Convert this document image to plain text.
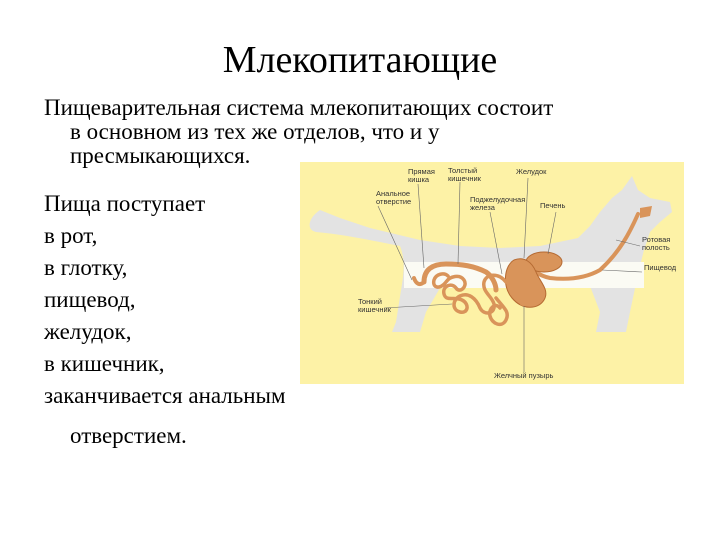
Млекопитающие
Пищеварительная система млекопитающих состоит
в основном из тех же отделов, что и у
пресмыкающихся.
Пища поступает
в рот,
в глотку,
пищевод,
желудок,
в кишечник,
заканчивается анальным
отверстием.
Прямая
кишка
Толстый
кишечник
Желудок
Анальное
отверстие	Поджелудочная
железа	Печень
Ротовая
полость
Пищевод
Тонкий
кишечник
Желчный пузырь
